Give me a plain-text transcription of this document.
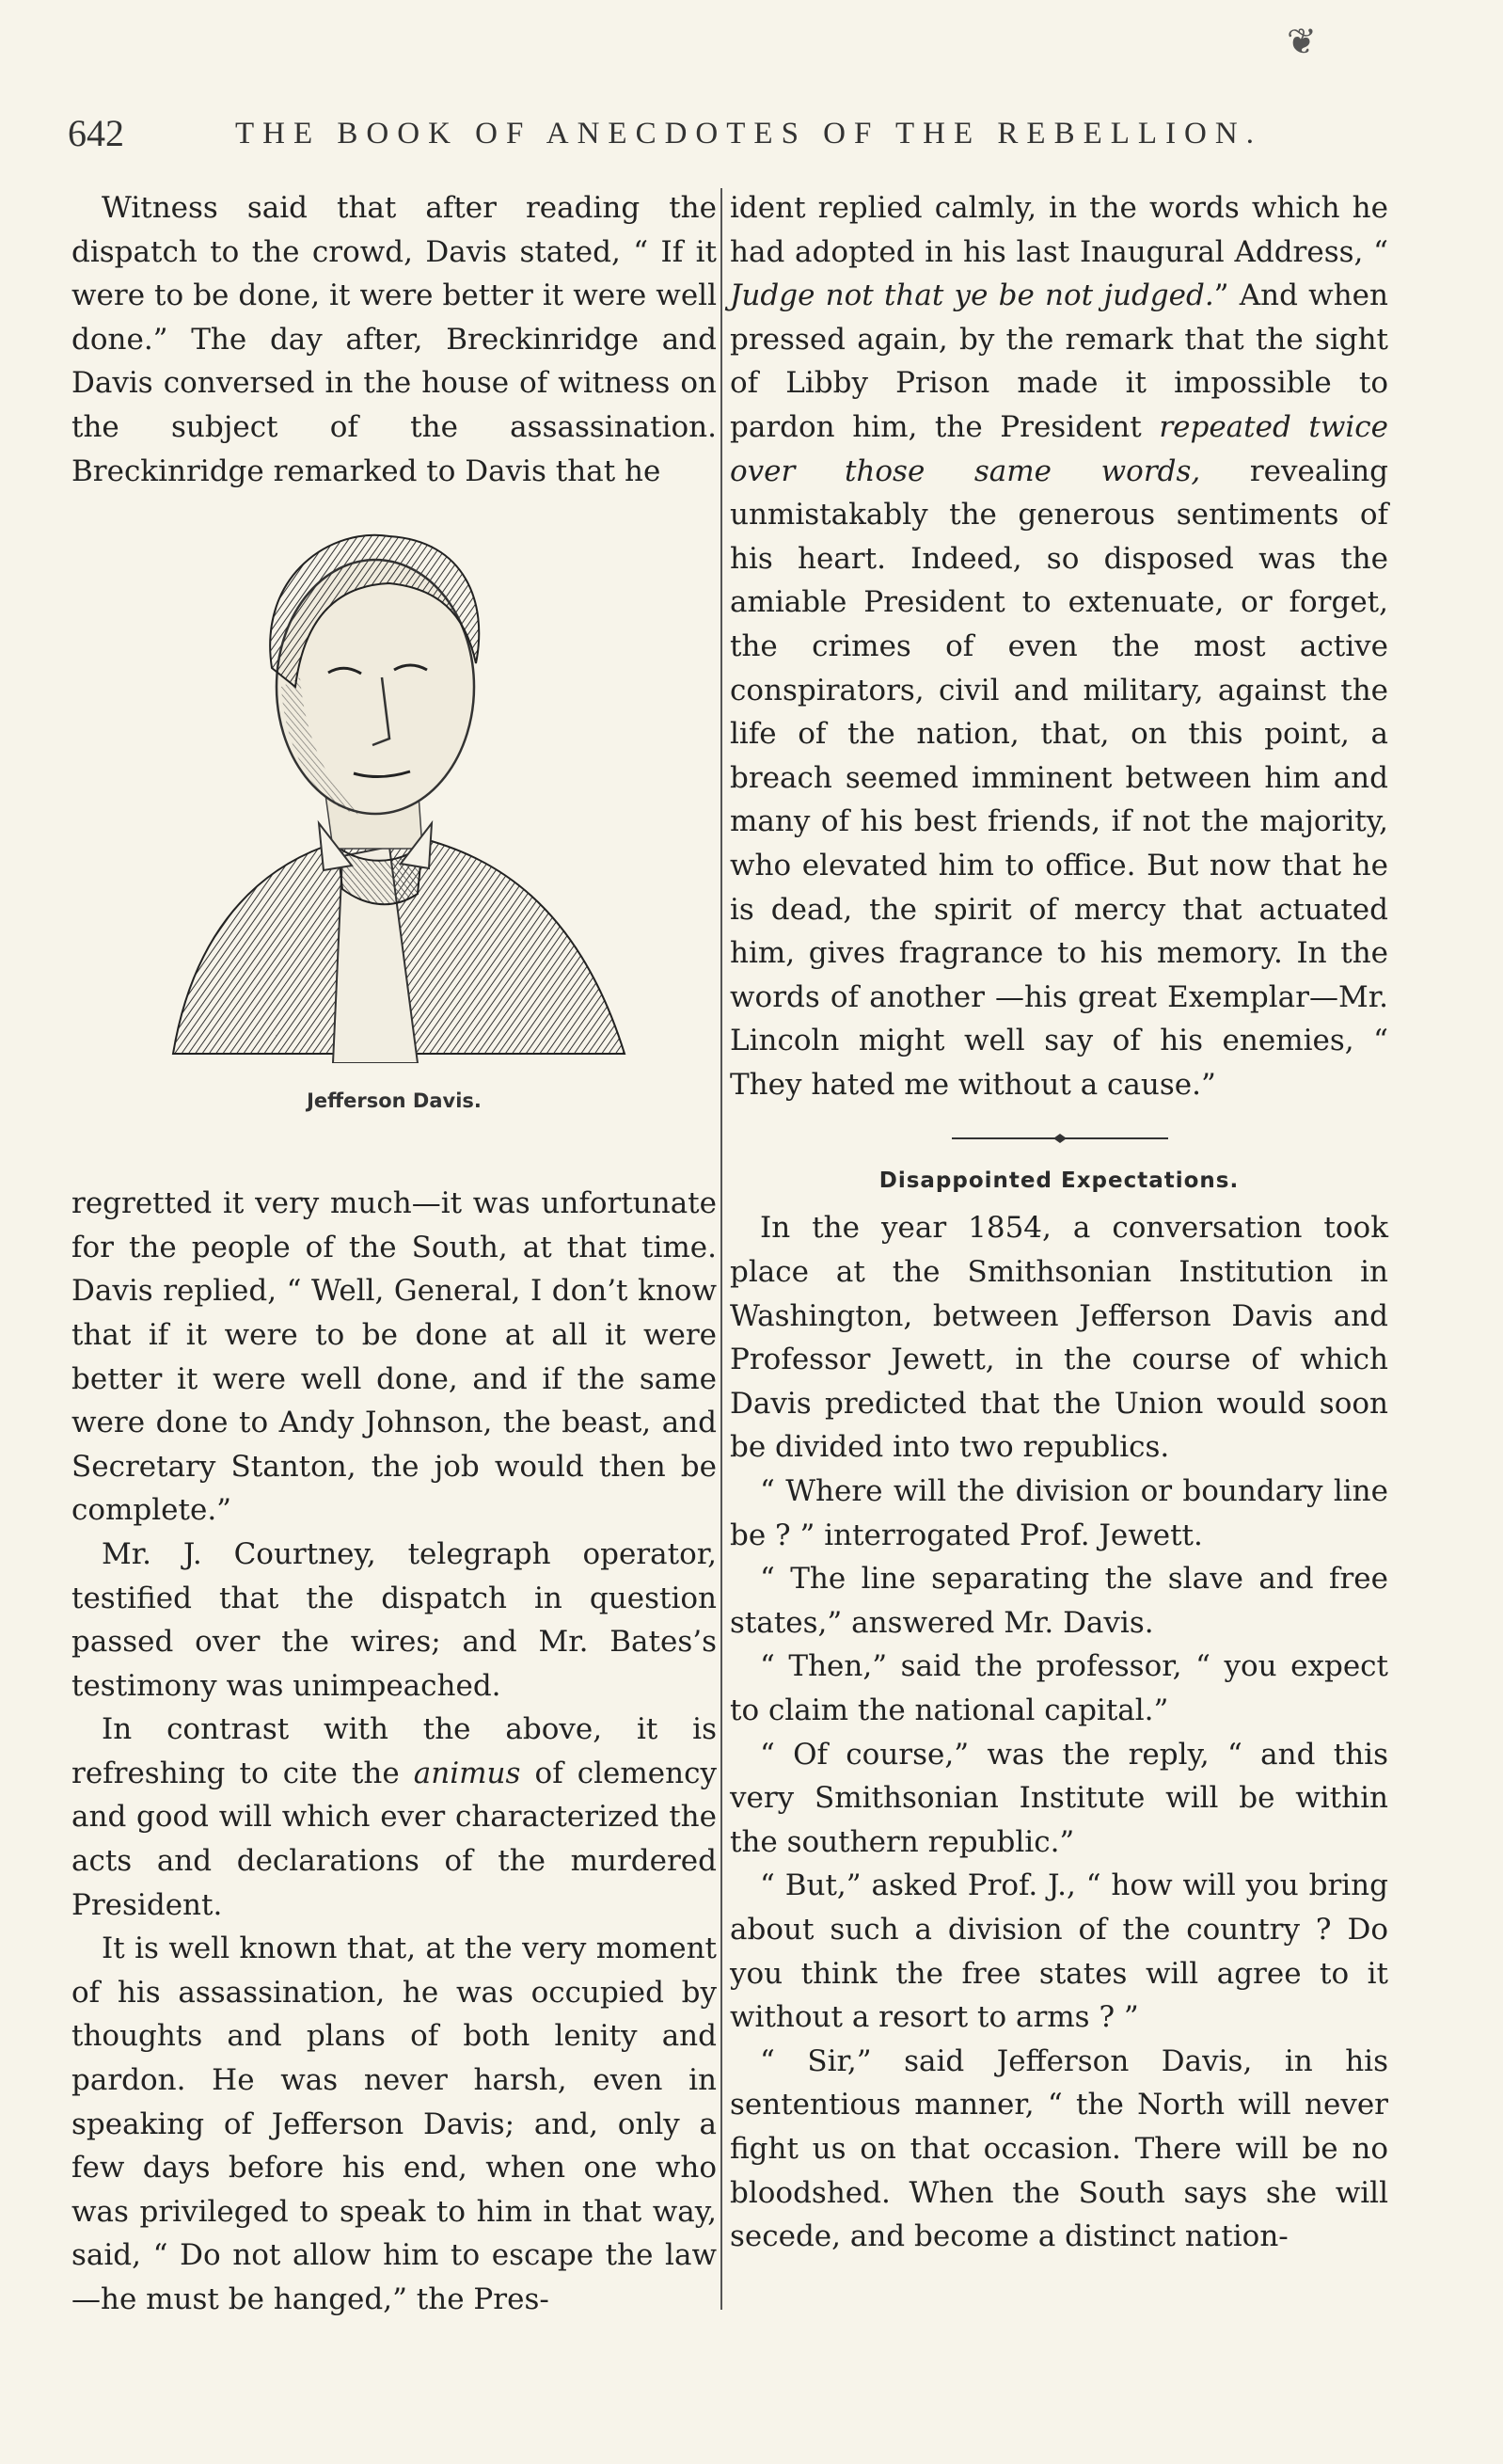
❦
642	THE BOOK OF ANECDOTES OF THE REBELLION.

Witness said that after reading the dispatch to the crowd, Davis stated, “ If it were to be done, it were better it were well done.” The day after, Breckinridge and Davis conversed in the house of witness on the subject of the assassination. Breckinridge remarked to Davis that he

Jefferson Davis.

regretted it very much—it was unfortunate for the people of the South, at that time. Davis replied, “ Well, General, I don’t know that if it were to be done at all it were better it were well done, and if the same were done to Andy Johnson, the beast, and Secretary Stanton, the job would then be complete.”

Mr. J. Courtney, telegraph operator, testified that the dispatch in question passed over the wires; and Mr. Bates’s testimony was unimpeached.

In contrast with the above, it is refreshing to cite the animus of clemency and good will which ever characterized the acts and declarations of the murdered President.

It is well known that, at the very moment of his assassination, he was occupied by thoughts and plans of both lenity and pardon. He was never harsh, even in speaking of Jefferson Davis; and, only a few days before his end, when one who was privileged to speak to him in that way, said, “ Do not allow him to escape the law—he must be hanged,” the Pres-

ident replied calmly, in the words which he had adopted in his last Inaugural Address, “ Judge not that ye be not judged.” And when pressed again, by the remark that the sight of Libby Prison made it impossible to pardon him, the President repeated twice over those same words, revealing unmistakably the generous sentiments of his heart. Indeed, so disposed was the amiable President to extenuate, or forget, the crimes of even the most active conspirators, civil and military, against the life of the nation, that, on this point, a breach seemed imminent between him and many of his best friends, if not the majority, who elevated him to office. But now that he is dead, the spirit of mercy that actuated him, gives fragrance to his memory. In the words of another —his great Exemplar—Mr. Lincoln might well say of his enemies, “ They hated me without a cause.”

Disappointed Expectations.

In the year 1854, a conversation took place at the Smithsonian Institution in Washington, between Jefferson Davis and Professor Jewett, in the course of which Davis predicted that the Union would soon be divided into two republics.

“ Where will the division or boundary line be ? ” interrogated Prof. Jewett.

“ The line separating the slave and free states,” answered Mr. Davis.

“ Then,” said the professor, “ you expect to claim the national capital.”

“ Of course,” was the reply, “ and this very Smithsonian Institute will be within the southern republic.”

“ But,” asked Prof. J., “ how will you bring about such a division of the country ? Do you think the free states will agree to it without a resort to arms ? ”

“ Sir,” said Jefferson Davis, in his sententious manner, “ the North will never fight us on that occasion. There will be no bloodshed. When the South says she will secede, and become a distinct nation-
